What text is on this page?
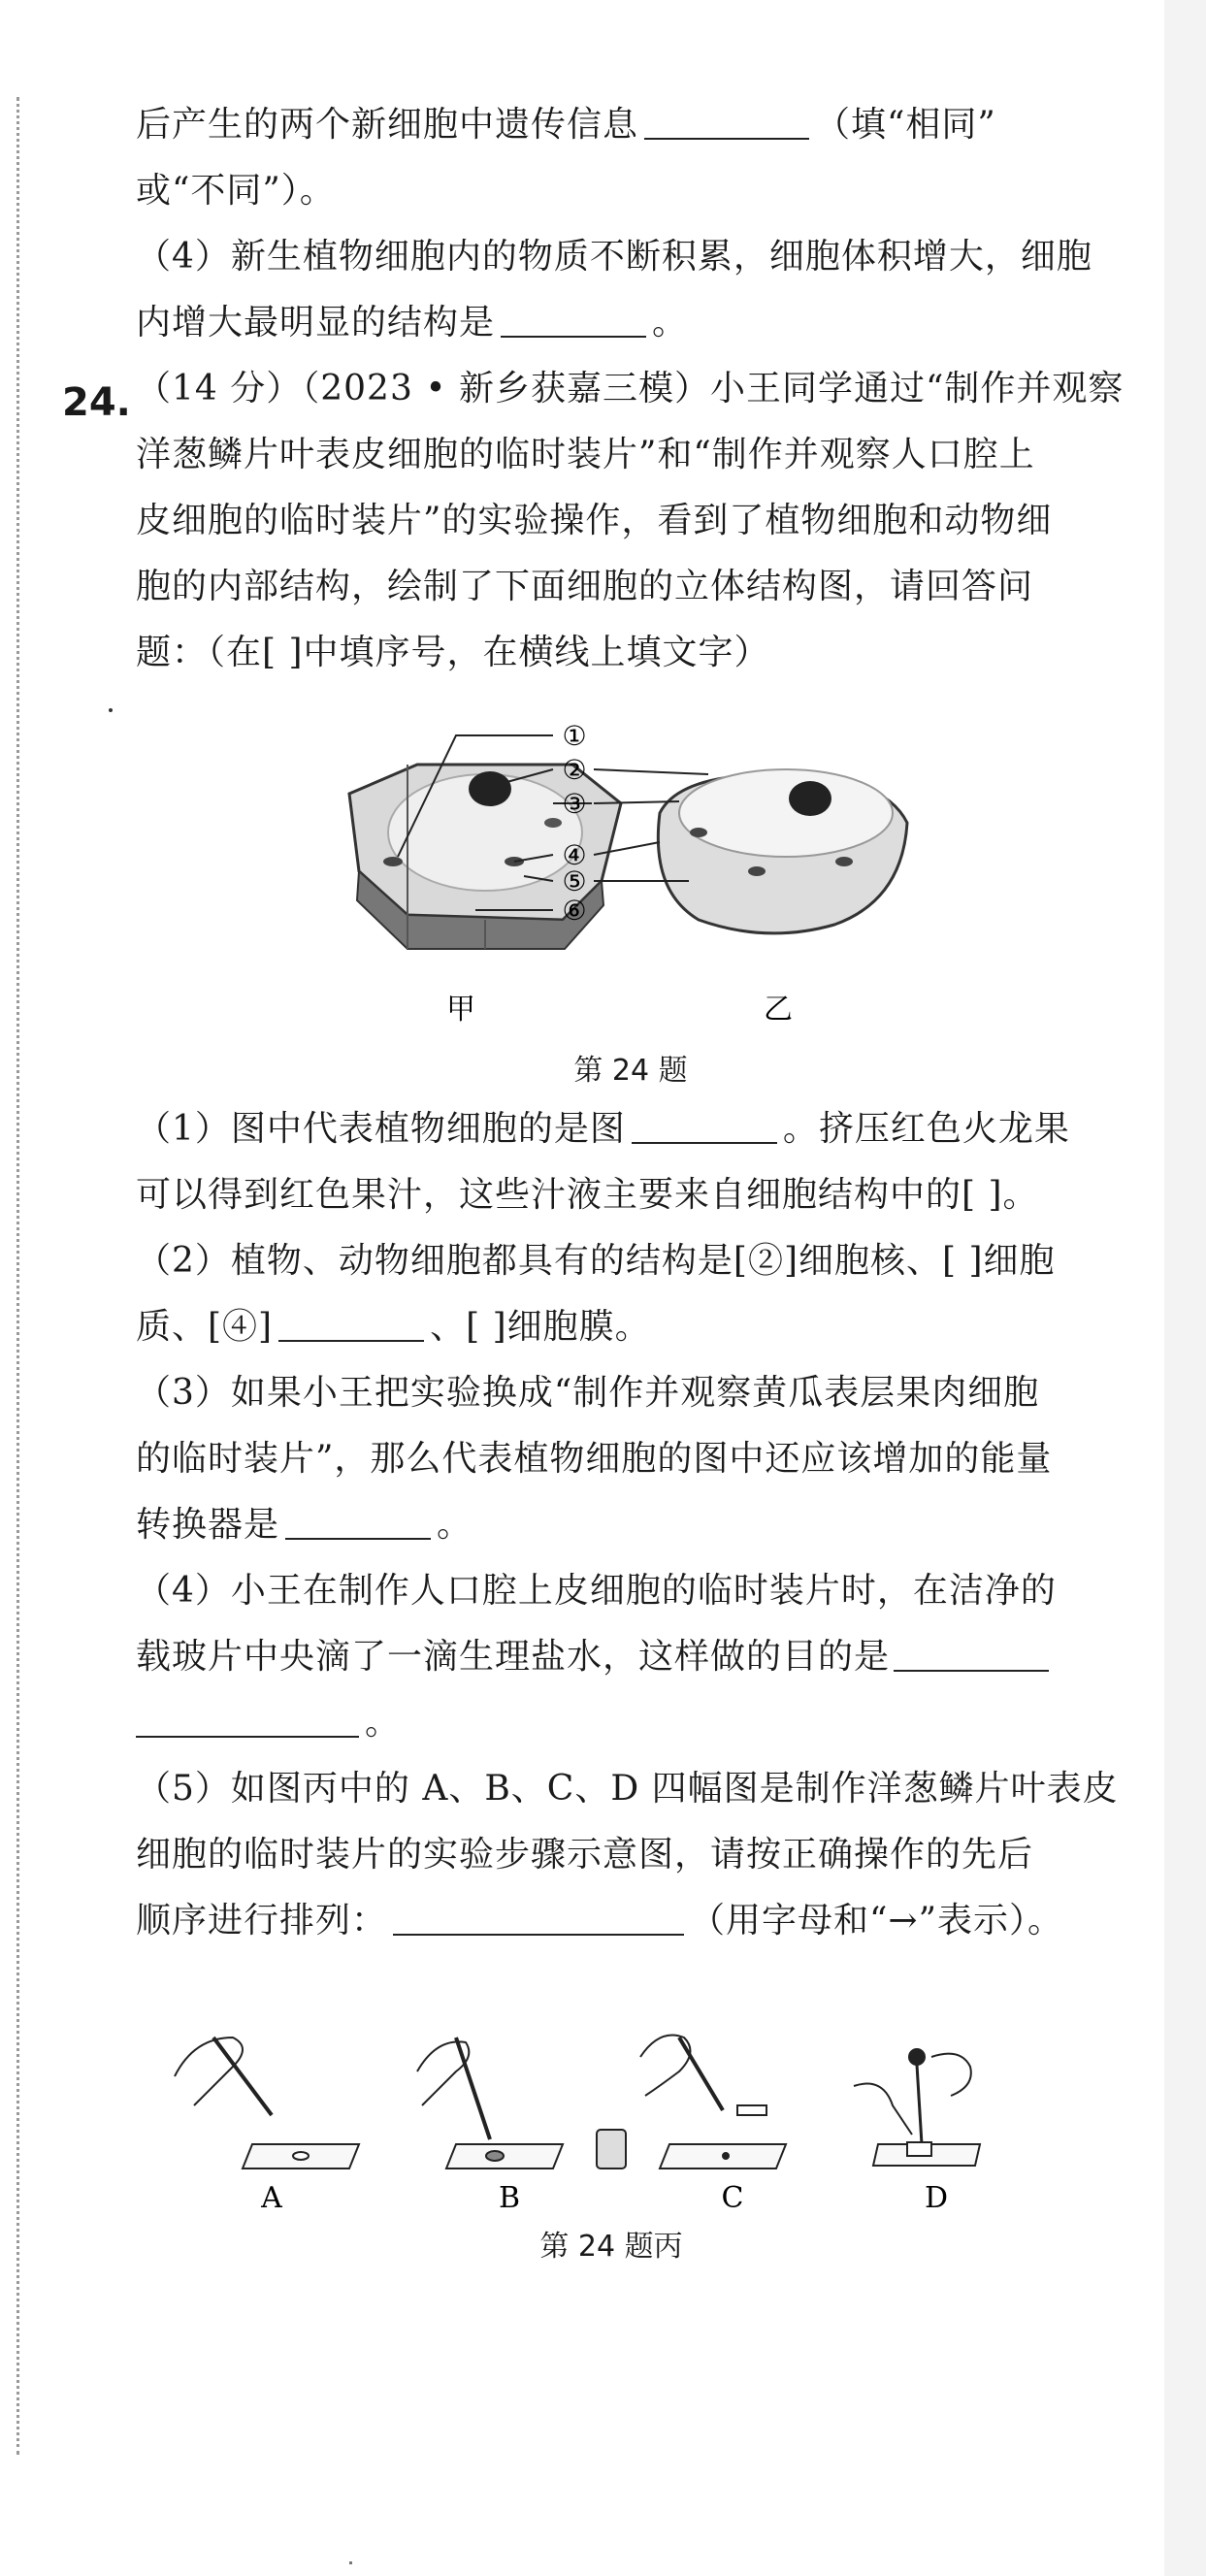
后产生的两个新细胞中遗传信息	（填“相同”
或“不同”）。
（4）新生植物细胞内的物质不断积累，细胞体积增大，细胞
内增大最明显的结构是	。
（14 分）（2023 • 新乡获嘉三模）小王同学通过“制作并观察
洋葱鳞片叶表皮细胞的临时装片”和“制作并观察人口腔上
皮细胞的临时装片”的实验操作，看到了植物细胞和动物细
胞的内部结构，绘制了下面细胞的立体结构图，请回答问
题：（在[ ]中填序号，在横线上填文字）
（1）图中代表植物细胞的是图	。挤压红色火龙果
可以得到红色果汁，这些汁液主要来自细胞结构中的[ ]。
（2）植物、动物细胞都具有的结构是[②]细胞核、[ ]细胞
质、[④]	、[ ]细胞膜。
（3）如果小王把实验换成“制作并观察黄瓜表层果肉细胞
的临时装片”，那么代表植物细胞的图中还应该增加的能量
转换器是	。
（4）小王在制作人口腔上皮细胞的临时装片时，在洁净的
载玻片中央滴了一滴生理盐水，这样做的目的是
。
（5）如图丙中的 A、B、C、D 四幅图是制作洋葱鳞片叶表皮
细胞的临时装片的实验步骤示意图，请按正确操作的先后
顺序进行排列：	（用字母和“→”表示）。
24.
①
②
③
④
⑤
⑥
甲	乙
第 24 题
A	B	C	D
第 24 题丙
